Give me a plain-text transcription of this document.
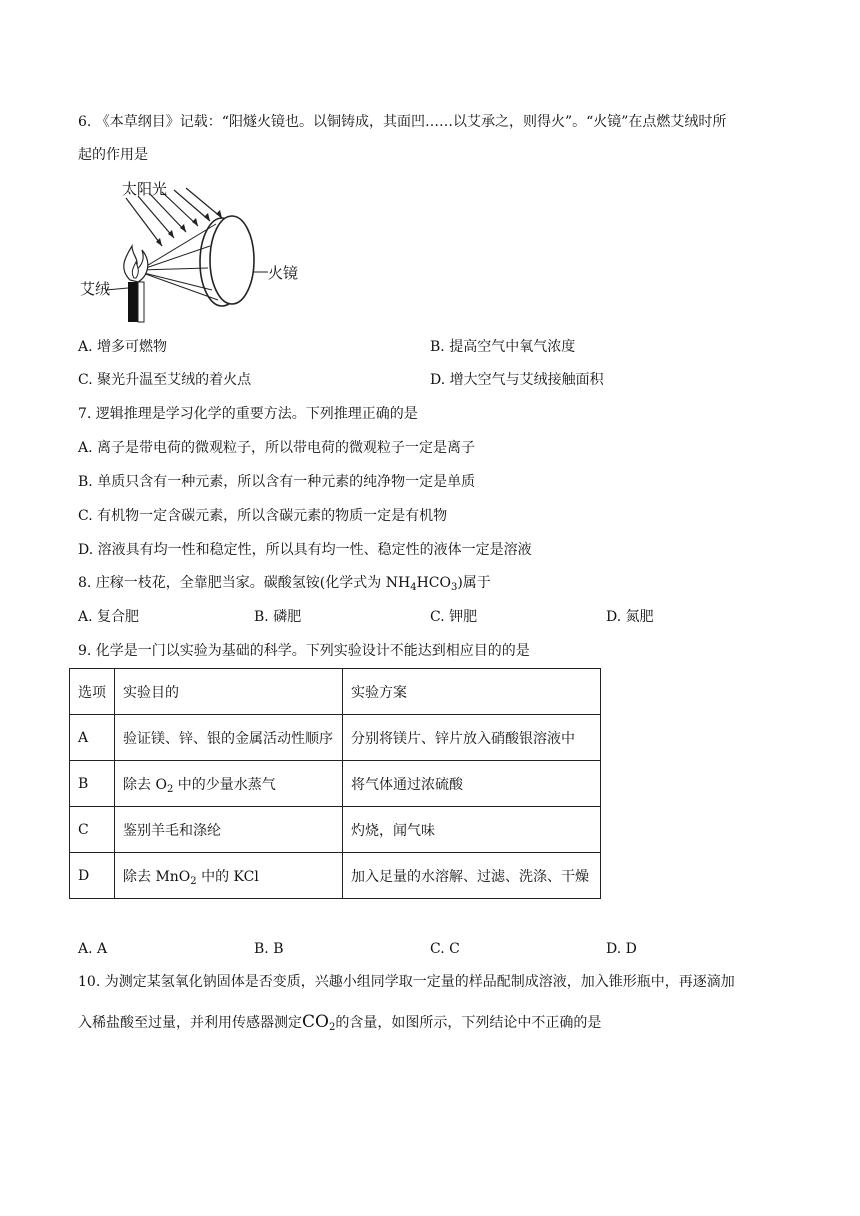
6. 《本草纲目》记载：“阳燧火镜也。以铜铸成，其面凹……以艾承之，则得火”。“火镜”在点燃艾绒时所
起的作用是
太阳光
火镜
艾绒
A. 增多可燃物	B. 提高空气中氧气浓度
C. 聚光升温至艾绒的着火点	D. 增大空气与艾绒接触面积
7. 逻辑推理是学习化学的重要方法。下列推理正确的是
A. 离子是带电荷的微观粒子，所以带电荷的微观粒子一定是离子
B. 单质只含有一种元素，所以含有一种元素的纯净物一定是单质
C. 有机物一定含碳元素，所以含碳元素的物质一定是有机物
D. 溶液具有均一性和稳定性，所以具有均一性、稳定性的液体一定是溶液
8. 庄稼一枝花，全靠肥当家。碳酸氢铵(化学式为 $NH_4HCO_3$)属于
A. 复合肥	B. 磷肥	C. 钾肥	D. 氮肥
9. 化学是一门以实验为基础的科学。下列实验设计不能达到相应目的的是
选项	实验目的	实验方案
A	验证镁、锌、银的金属活动性顺序	分别将镁片、锌片放入硝酸银溶液中
B	除去 $O_2$ 中的少量水蒸气	将气体通过浓硫酸
C	鉴别羊毛和涤纶	灼烧，闻气味
D	除去 MnO$_2$ 中的 KCl	加入足量的水溶解、过滤、洗涤、干燥
A. A	B. B	C. C	D. D
10. 为测定某氢氧化钠固体是否变质，兴趣小组同学取一定量的样品配制成溶液，加入锥形瓶中，再逐滴加
入稀盐酸至过量，并利用传感器测定$CO_2$的含量，如图所示，下列结论中不正确的是
